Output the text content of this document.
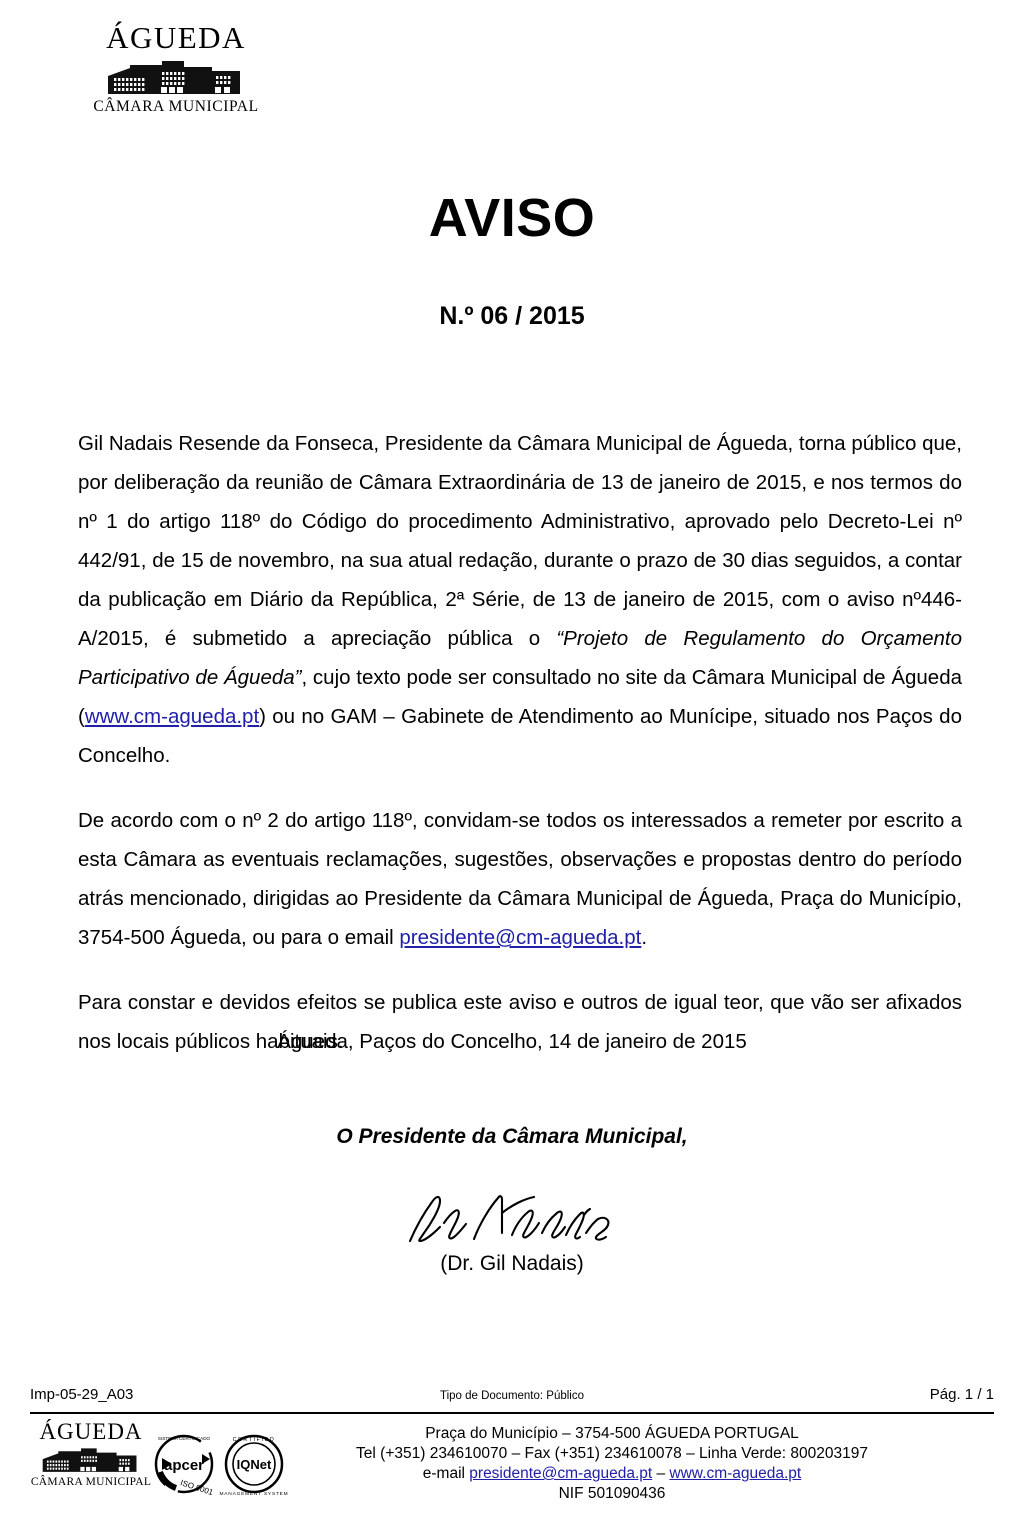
ÁGUEDA
CÂMARA MUNICIPAL
AVISO
N.º 06 / 2015

Gil Nadais Resende da Fonseca, Presidente da Câmara Municipal de Águeda, torna público que, por deliberação da reunião de Câmara Extraordinária de 13 de janeiro de 2015, e nos termos do nº 1 do artigo 118º do Código do procedimento Administrativo, aprovado pelo Decreto-Lei nº 442/91, de 15 de novembro, na sua atual redação, durante o prazo de 30 dias seguidos, a contar da publicação em Diário da República, 2ª Série, de 13 de janeiro de 2015, com o aviso nº446-A/2015, é submetido a apreciação pública o “Projeto de Regulamento do Orçamento Participativo de Águeda”, cujo texto pode ser consultado no site da Câmara Municipal de Águeda (www.cm-agueda.pt) ou no GAM – Gabinete de Atendimento ao Munícipe, situado nos Paços do Concelho.

De acordo com o nº 2 do artigo 118º, convidam-se todos os interessados a remeter por escrito a esta Câmara as eventuais reclamações, sugestões, observações e propostas dentro do período atrás mencionado, dirigidas ao Presidente da Câmara Municipal de Águeda, Praça do Município, 3754-500 Águeda, ou para o email presidente@cm-agueda.pt.

Para constar e devidos efeitos se publica este aviso e outros de igual teor, que vão ser afixados nos locais públicos habituais.

Águeda, Paços do Concelho, 14 de janeiro de 2015
O Presidente da Câmara Municipal,
(Dr. Gil Nadais)
Imp-05-29_A03	Tipo de Documento: Público	Pág. 1 / 1
ÁGUEDA
CÂMARA MUNICIPAL
apcer
ISO 9001
SISTEMA CERTIFICADO	CERTIFIED
MANAGEMENT SYSTEM
IQNet
Praça do Município – 3754-500 ÁGUEDA PORTUGAL
Tel (+351) 234610070 – Fax (+351) 234610078 – Linha Verde: 800203197
e-mail presidente@cm-agueda.pt – www.cm-agueda.pt
NIF 501090436
